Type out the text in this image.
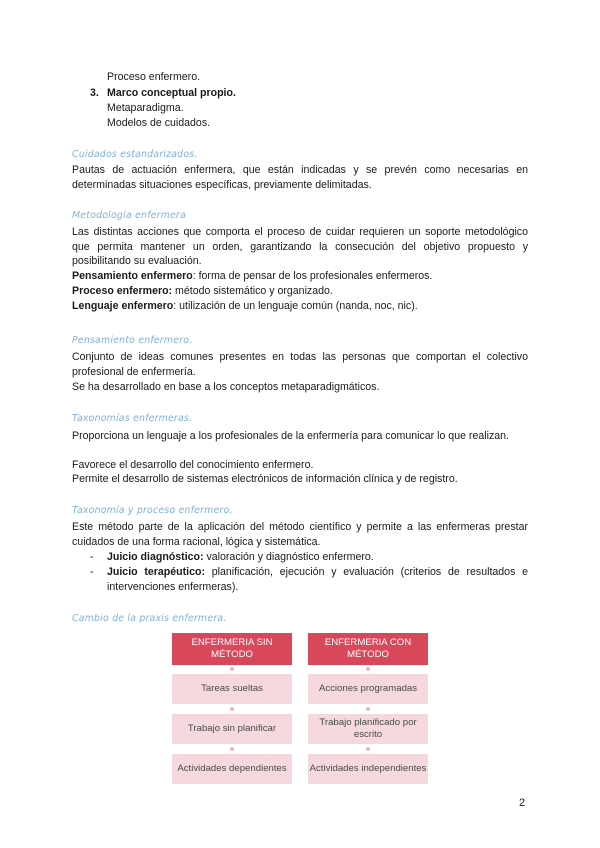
Proceso enfermero.
3. Marco conceptual propio.
Metaparadigma.
Modelos de cuidados.
Cuidados estandarizados.
Pautas de actuación enfermera, que están indicadas y se prevén como necesarias en determinadas situaciones específicas, previamente delimitadas.
Metodología enfermera
Las distintas acciones que comporta el proceso de cuidar requieren un soporte metodológico que permita mantener un orden, garantizando la consecución del objetivo propuesto y posibilitando su evaluación.
Pensamiento enfermero: forma de pensar de los profesionales enfermeros.
Proceso enfermero: método sistemático y organizado.
Lenguaje enfermero: utilización de un lenguaje común (nanda, noc, nic).
Pensamiento enfermero.
Conjunto de ideas comunes presentes en todas las personas que comportan el colectivo profesional de enfermería.
Se ha desarrollado en base a los conceptos metaparadigmáticos.
Taxonomías enfermeras.
Proporciona un lenguaje a los profesionales de la enfermería para comunicar lo que realizan.
Favorece el desarrollo del conocimiento enfermero.
Permite el desarrollo de sistemas electrónicos de información clínica y de registro.
Taxonomía y proceso enfermero.
Este método parte de la aplicación del método científico y permite a las enfermeras prestar cuidados de una forma racional, lógica y sistemática.
- Juicio diagnóstico: valoración y diagnóstico enfermero.
- Juicio terapéutico: planificación, ejecución y evaluación (criterios de resultados e intervenciones enfermeras).
Cambio de la praxis enfermera.
ENFERMERIA SIN MÉTODO
ENFERMERIA CON MÉTODO
Tareas sueltas	Acciones programadas
Trabajo sin planificar
Trabajo planificado por escrito
Actividades dependientes	Actividades independientes
2
